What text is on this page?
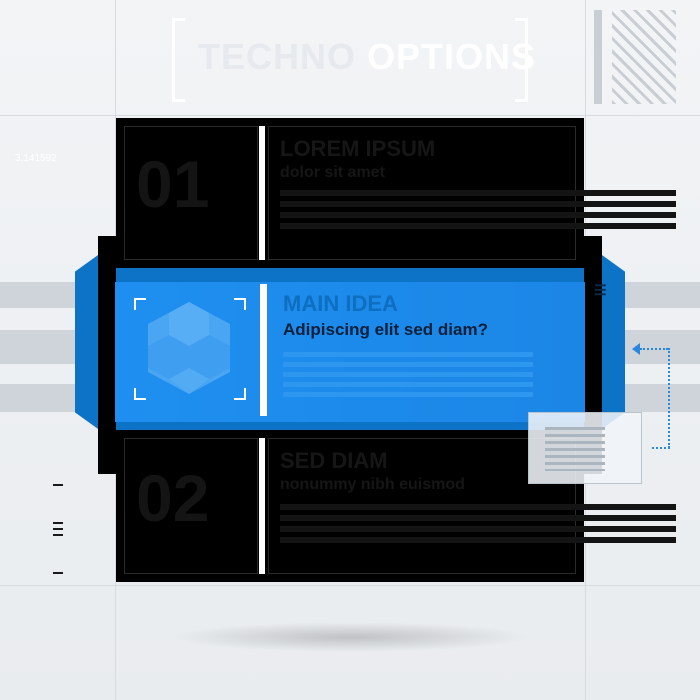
TECHNO OPTIONS
3,141592 01	LOREM IPSUM
dolor sit amet
MAIN IDEA
Adipiscing elit sed diam?
☰
02
SED DIAM
nonummy nibh euismod
